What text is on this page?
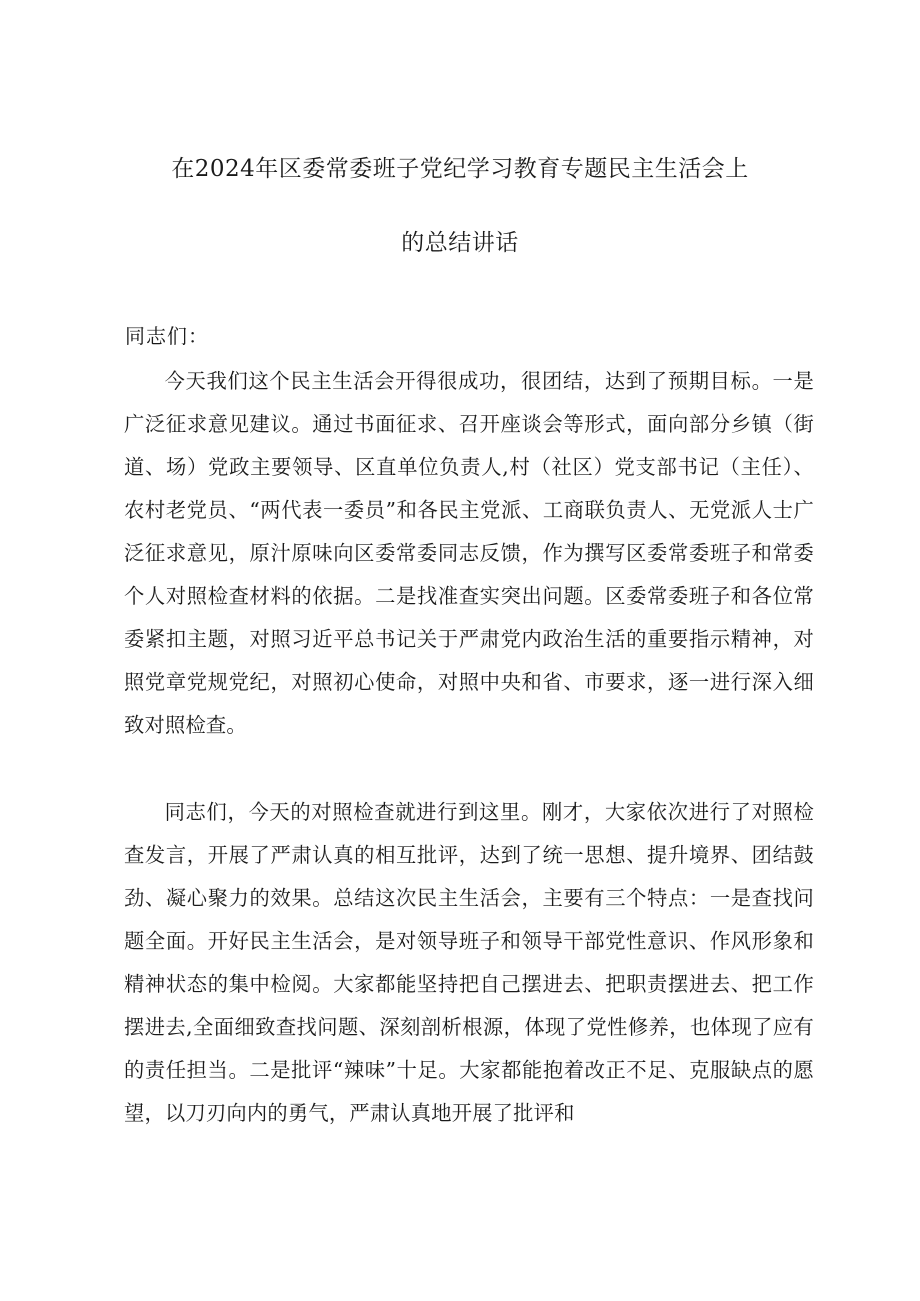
在2024年区委常委班子党纪学习教育专题民主生活会上
的总结讲话
同志们：

今天我们这个民主生活会开得很成功，很团结，达到了预期目标。一是广泛征求意见建议。通过书面征求、召开座谈会等形式，面向部分乡镇（街道、场）党政主要领导、区直单位负责人,村（社区）党支部书记（主任）、农村老党员、“两代表一委员”和各民主党派、工商联负责人、无党派人士广泛征求意见，原汁原味向区委常委同志反馈，作为撰写区委常委班子和常委个人对照检查材料的依据。二是找准查实突出问题。区委常委班子和各位常委紧扣主题，对照习近平总书记关于严肃党内政治生活的重要指示精神，对照党章党规党纪，对照初心使命，对照中央和省、市要求，逐一进行深入细致对照检查。

同志们，今天的对照检查就进行到这里。刚才，大家依次进行了对照检查发言，开展了严肃认真的相互批评，达到了统一思想、提升境界、团结鼓劲、凝心聚力的效果。总结这次民主生活会，主要有三个特点：一是查找问题全面。开好民主生活会，是对领导班子和领导干部党性意识、作风形象和精神状态的集中检阅。大家都能坚持把自己摆进去、把职责摆进去、把工作摆进去,全面细致查找问题、深刻剖析根源，体现了党性修养，也体现了应有的责任担当。二是批评“辣味”十足。大家都能抱着改正不足、克服缺点的愿望，以刀刃向内的勇气，严肃认真地开展了批评和
